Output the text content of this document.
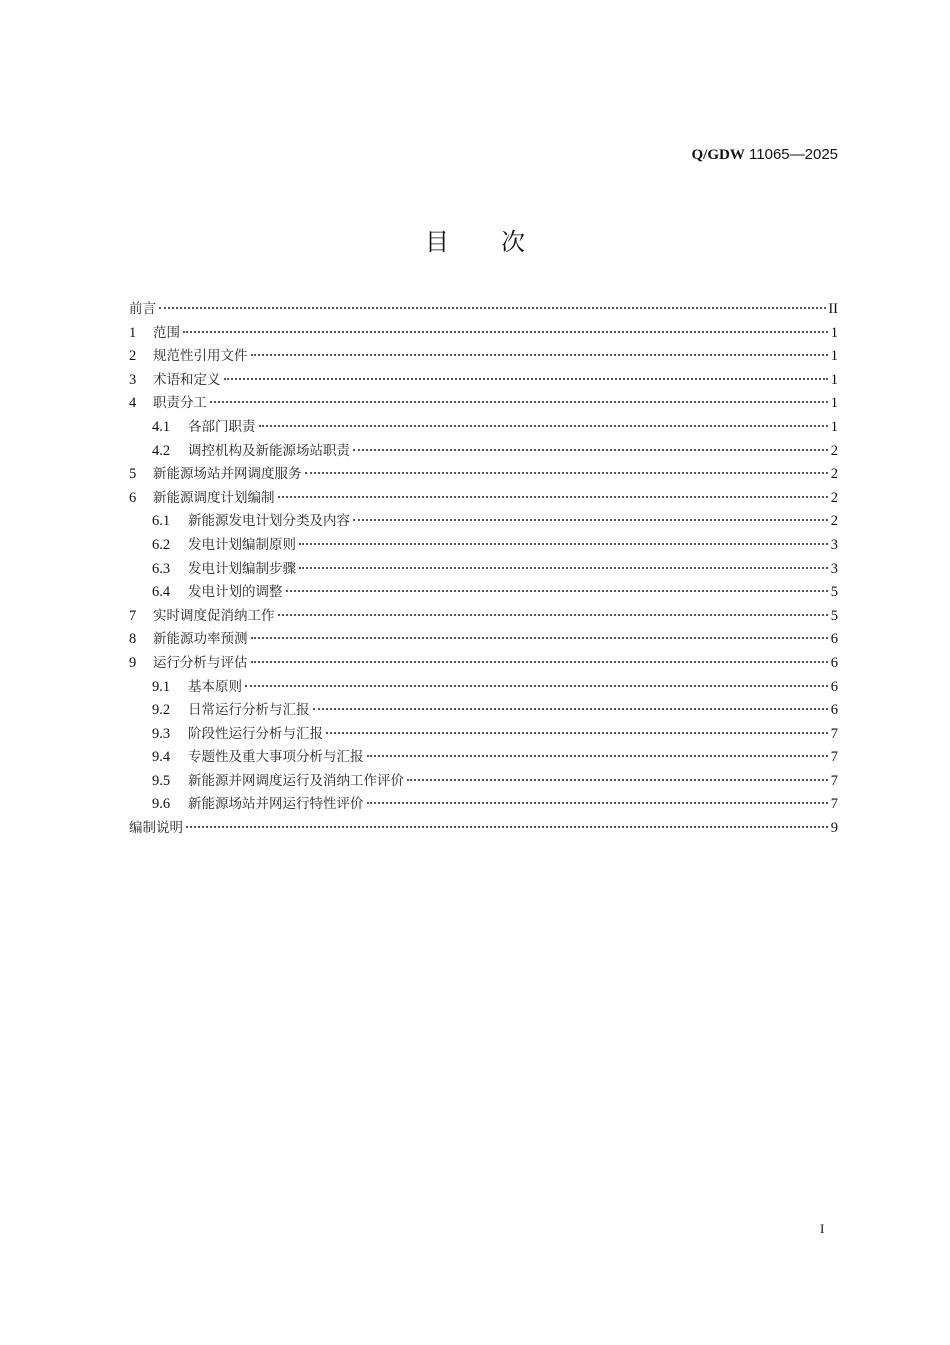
Q/GDW 11065—2025
目 次
前言	II
1	范围	1
2	规范性引用文件	1
3	术语和定义	1
4	职责分工	1
4.1	各部门职责	1
4.2	调控机构及新能源场站职责	2
5	新能源场站并网调度服务	2
6	新能源调度计划编制	2
6.1	新能源发电计划分类及内容	2
6.2	发电计划编制原则	3
6.3	发电计划编制步骤	3
6.4	发电计划的调整	5
7	实时调度促消纳工作	5
8	新能源功率预测	6
9	运行分析与评估	6
9.1	基本原则	6
9.2	日常运行分析与汇报	6
9.3	阶段性运行分析与汇报	7
9.4	专题性及重大事项分析与汇报	7
9.5	新能源并网调度运行及消纳工作评价	7
9.6	新能源场站并网运行特性评价	7
编制说明	9
I
